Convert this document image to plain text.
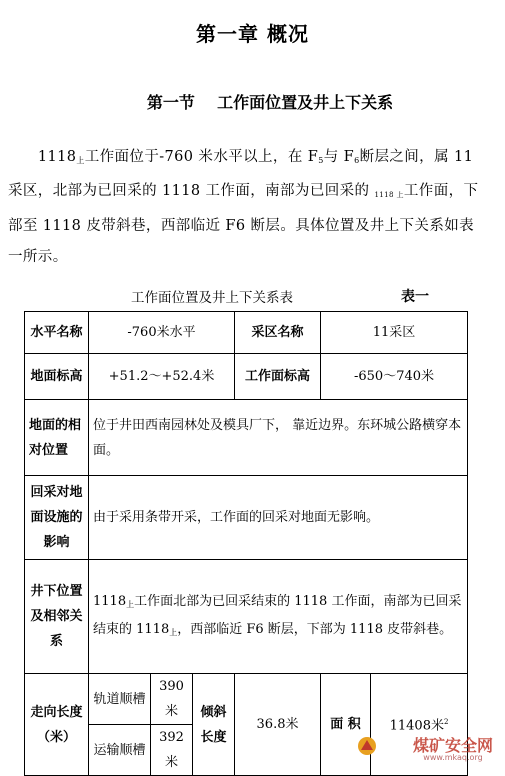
第一章 概况
第一节    工作面位置及井上下关系
  $1118_上$工作面位于-760 米水平以上，在 $F_5$与 $F_6$断层之间，属 11 采区，北部为已回采的 1118 工作面，南部为已回采的 1118 上工作面，下部至 1118 皮带斜巷，西部临近 F6 断层。具体位置及井上下关系如表一所示。
工作面位置及井上下关系表	表一
水平名称	-760米水平			采区名称	11采区	
地面标高	+51.2～+52.4米			工作面标高	-650～740米	
地面的相对位置	位于井田西南园林处及模具厂下， 靠近边界。东环城公路横穿本面。					
回采对地面设施的影响	由于采用条带开采，工作面的回采对地面无影响。					
井下位置及相邻关系	1118上工作面北部为已回采结束的 1118 工作面，南部为已回采结束的 1118上，西部临近 F6 断层，下部为 1118 皮带斜巷。					
走向长度（米）	轨道顺槽	390米	倾斜长度	36.8米	面 积	11408米$^2$
	运输顺槽	392米				
煤矿安全网
www.mkaq.org
